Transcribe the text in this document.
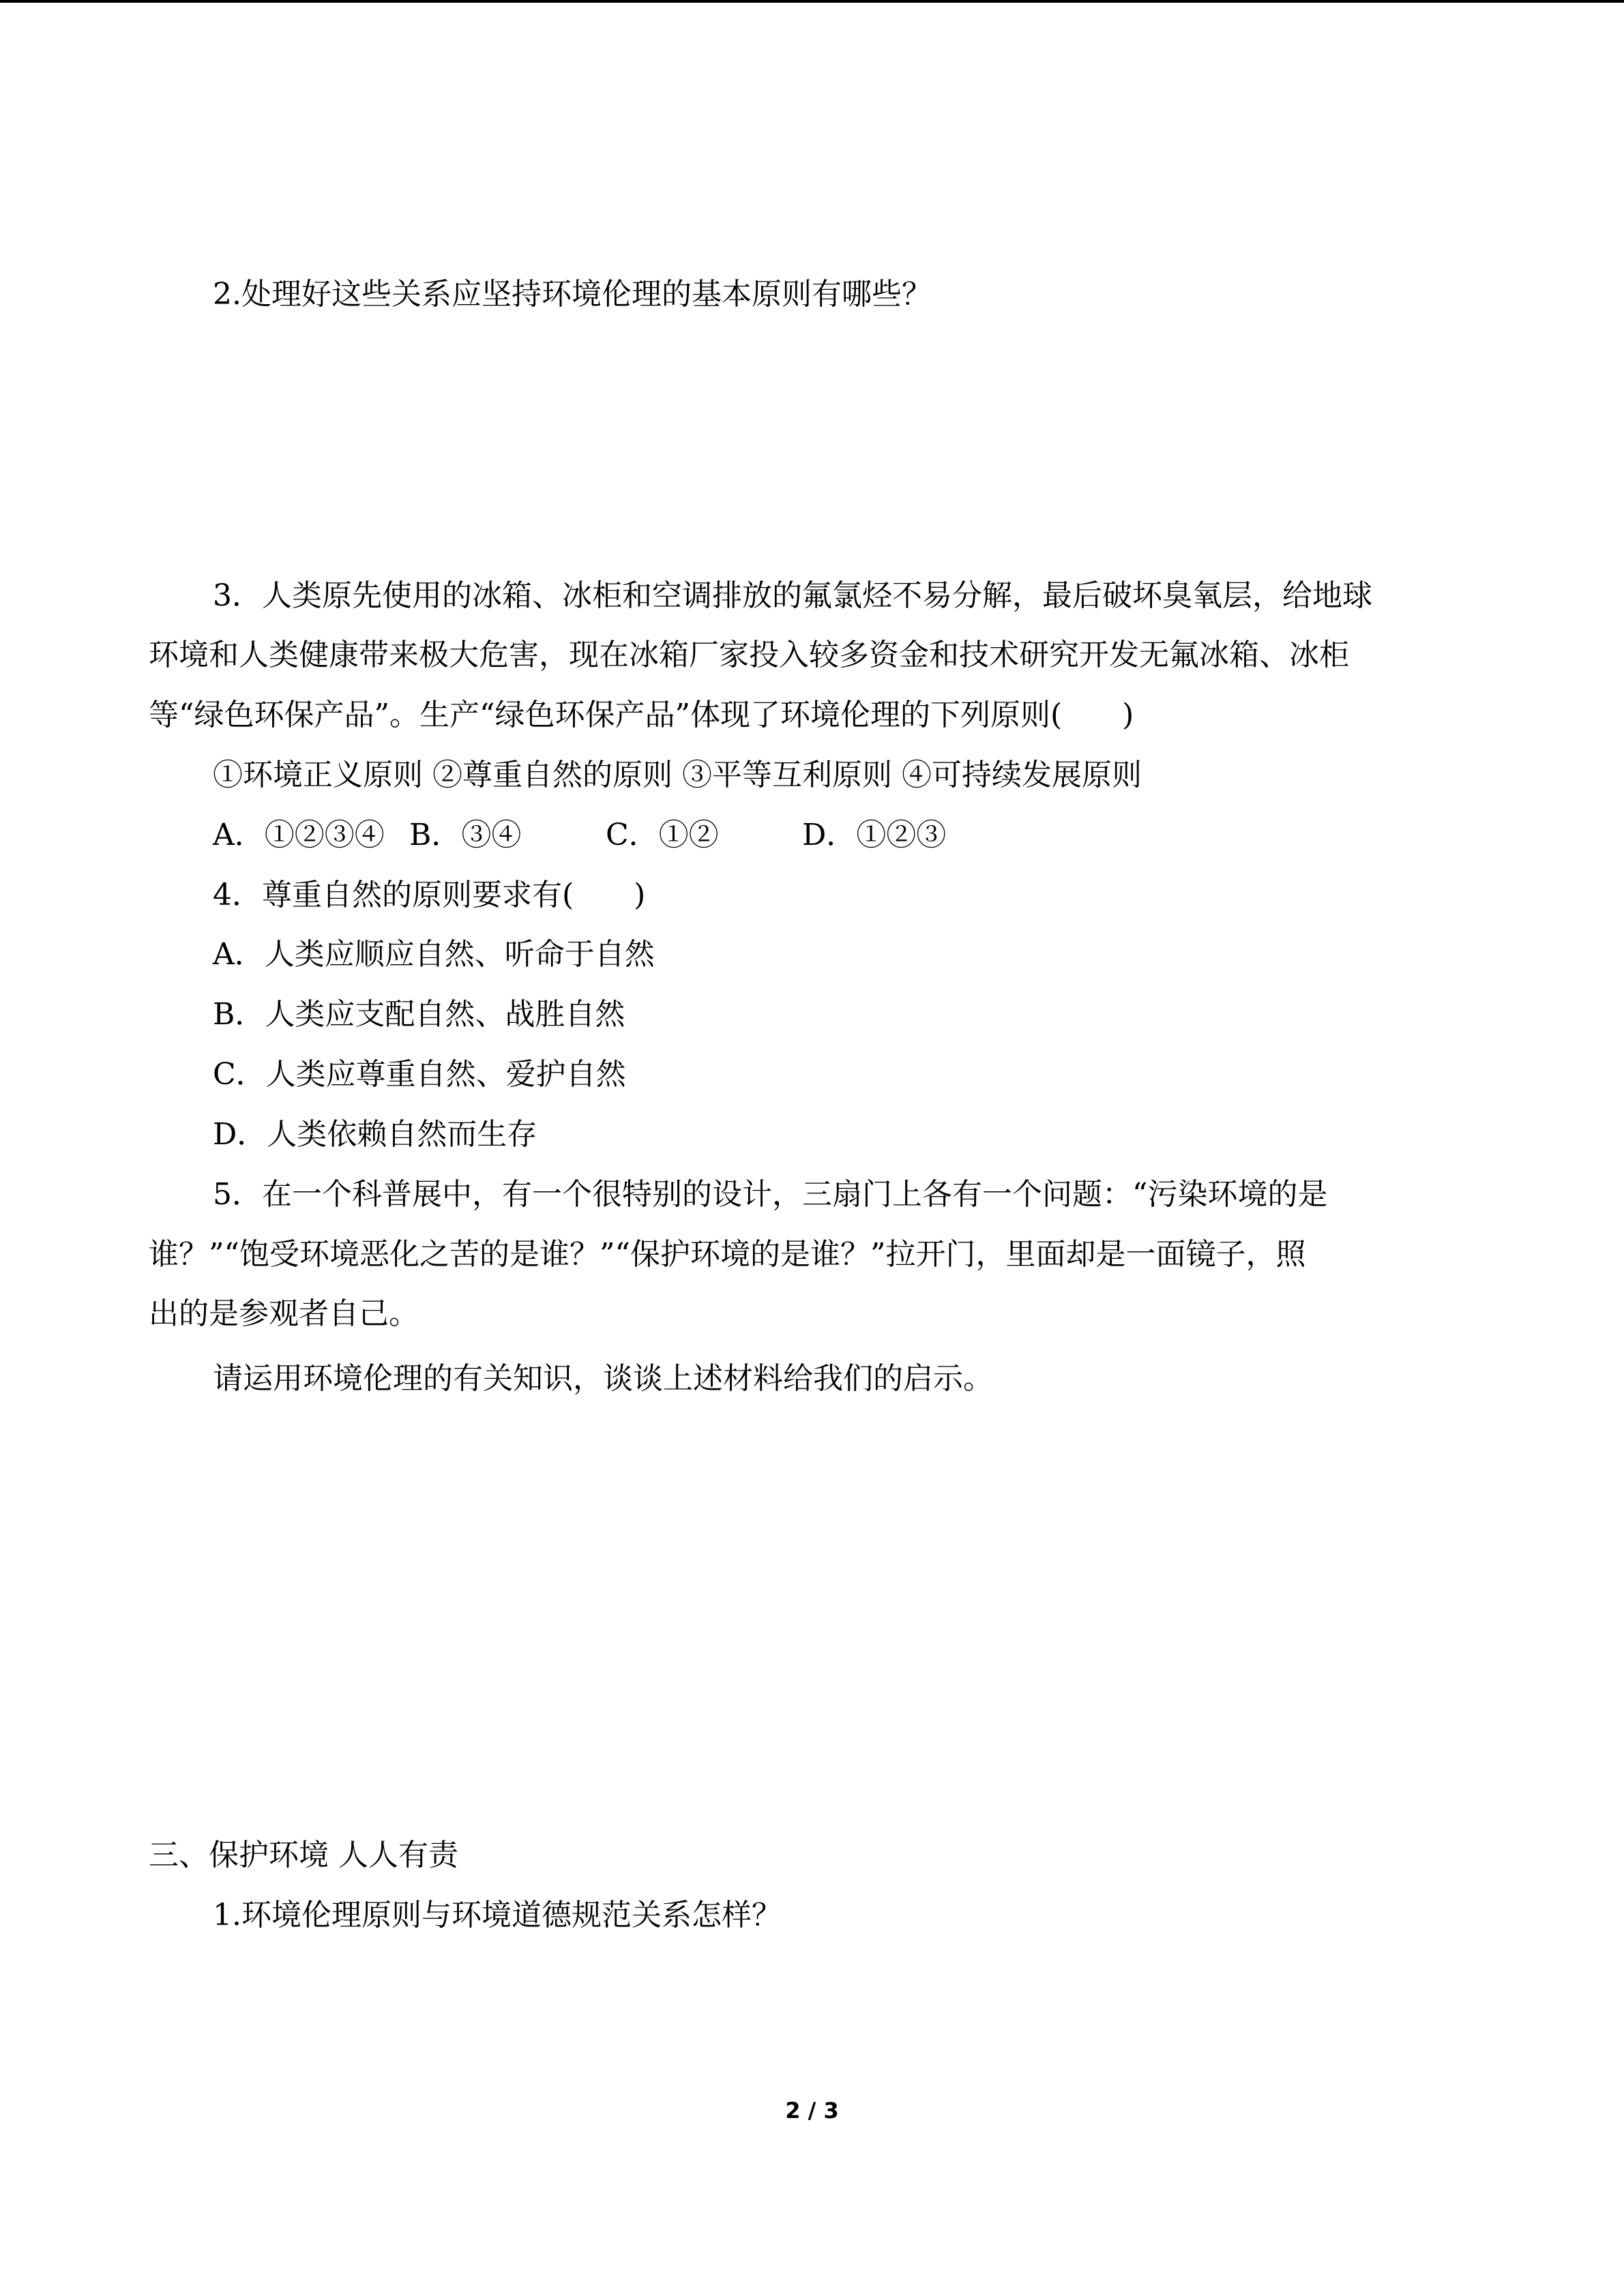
2.处理好这些关系应坚持环境伦理的基本原则有哪些？
3．人类原先使用的冰箱、冰柜和空调排放的氟氯烃不易分解，最后破坏臭氧层，给地球
环境和人类健康带来极大危害，现在冰箱厂家投入较多资金和技术研究开发无氟冰箱、冰柜
等“绿色环保产品”。生产“绿色环保产品”体现了环境伦理的下列原则(　　)
①环境正义原则 ②尊重自然的原则 ③平等互利原则 ④可持续发展原则
A．①②③④ B．③④	C．①②	D．①②③
4．尊重自然的原则要求有(　　)
A．人类应顺应自然、听命于自然
B．人类应支配自然、战胜自然
C．人类应尊重自然、爱护自然
D．人类依赖自然而生存
5．在一个科普展中，有一个很特别的设计，三扇门上各有一个问题：“污染环境的是
谁？”“饱受环境恶化之苦的是谁？”“保护环境的是谁？”拉开门，里面却是一面镜子，照
出的是参观者自己。
请运用环境伦理的有关知识，谈谈上述材料给我们的启示。
三、保护环境 人人有责
1.环境伦理原则与环境道德规范关系怎样？
2 / 3
